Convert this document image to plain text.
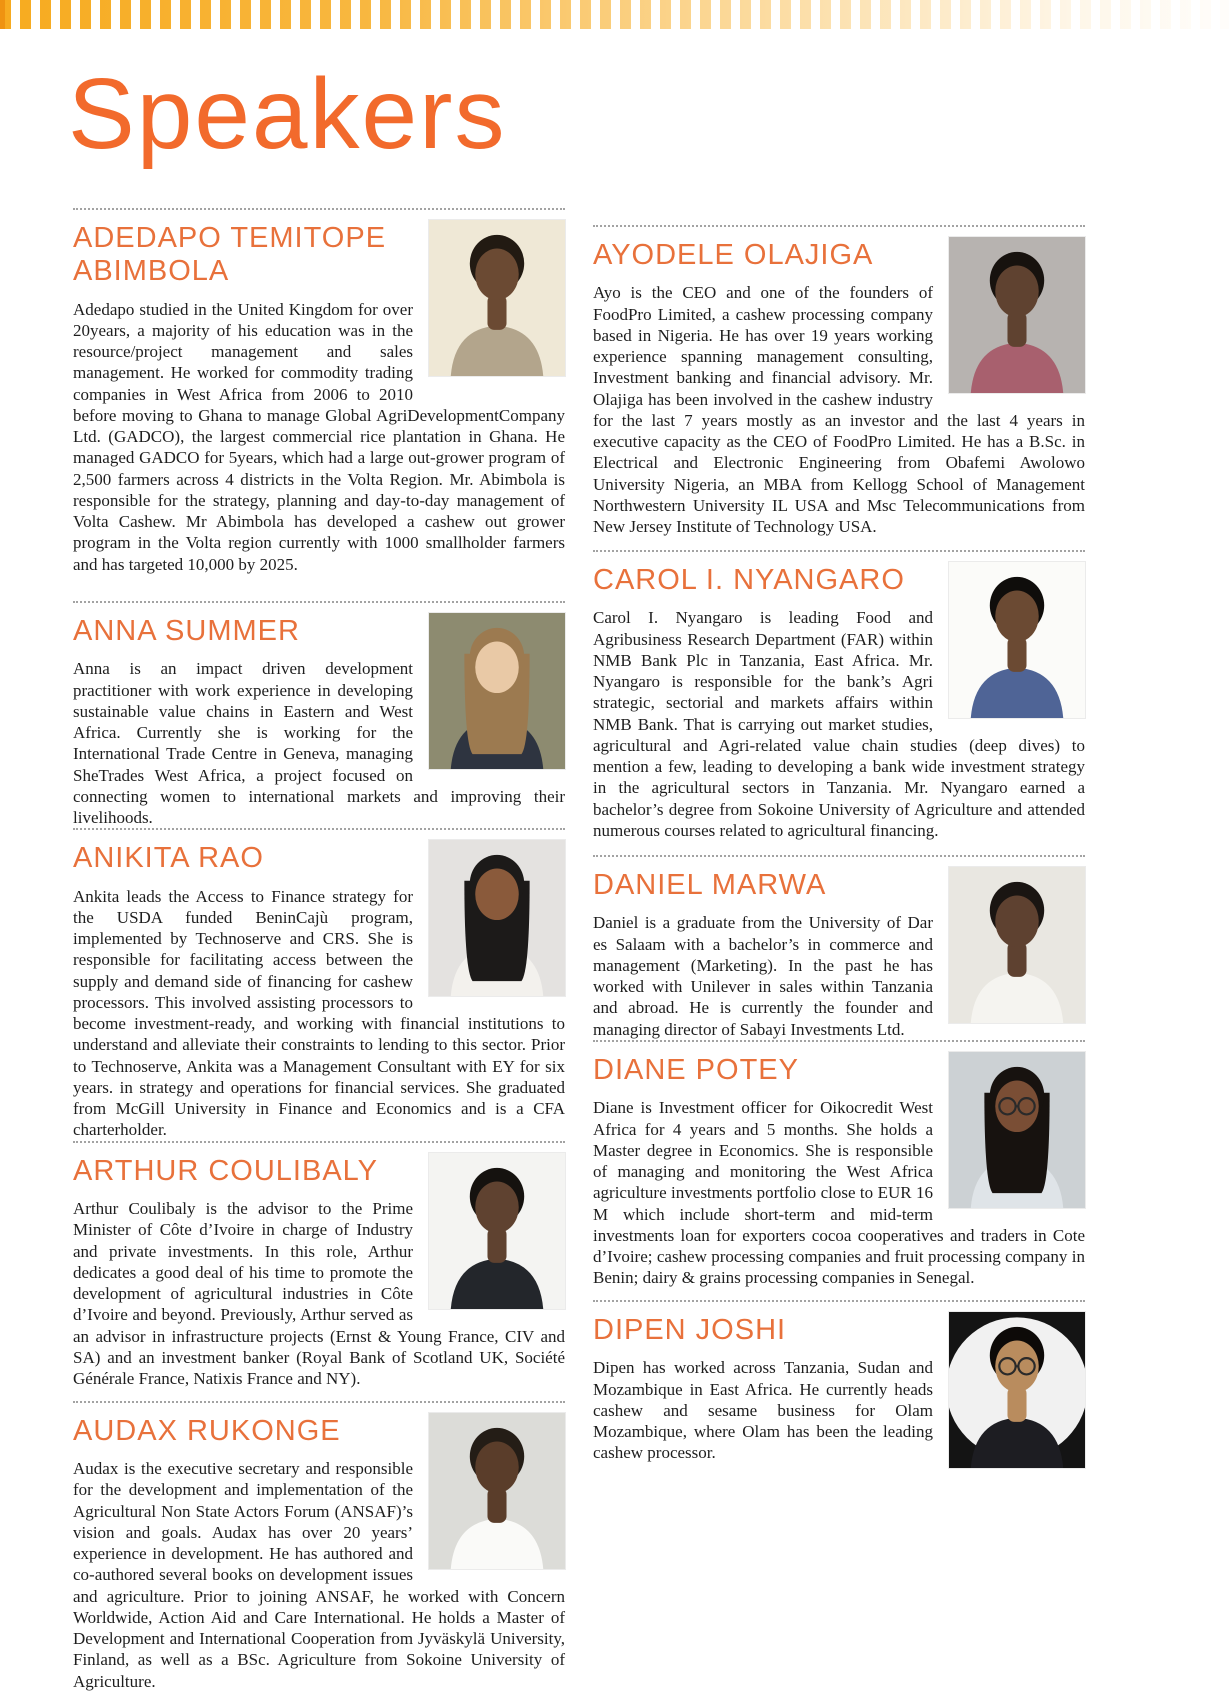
Speakers
ADEDAPO TEMITOPE ABIMBOLA

Adedapo studied in the United Kingdom for over 20years, a majority of his education was in the resource/project management and sales management. He worked for commodity trading companies in West Africa from 2006 to 2010 before moving to Ghana to manage Global AgriDevelopmentCompany Ltd. (GADCO), the largest commercial rice plantation in Ghana. He managed GADCO for 5years, which had a large out-grower program of 2,500 farmers across 4 districts in the Volta Region. Mr. Abimbola is responsible for the strategy, planning and day-to-day management of Volta Cashew. Mr Abimbola has developed a cashew out grower program in the Volta region currently with 1000 smallholder farmers and has targeted 10,000 by 2025.

ANNA SUMMER

Anna is an impact driven development practitioner with work experience in developing sustainable value chains in Eastern and West Africa. Currently she is working for the International Trade Centre in Geneva, managing SheTrades West Africa, a project focused on connecting women to international markets and improving their livelihoods.

ANIKITA RAO

Ankita leads the Access to Finance strategy for the USDA funded BeninCajù program, implemented by Technoserve and CRS. She is responsible for facilitating access between the supply and demand side of financing for cashew processors. This involved assisting processors to become investment-ready, and working with financial institutions to understand and alleviate their constraints to lending to this sector. Prior to Technoserve, Ankita was a Management Consultant with EY for six years. in strategy and operations for financial services. She graduated from McGill University in Finance and Economics and is a CFA charterholder.

ARTHUR COULIBALY

Arthur Coulibaly is the advisor to the Prime Minister of Côte d’Ivoire in charge of Industry and private investments. In this role, Arthur dedicates a good deal of his time to promote the development of agricultural industries in Côte d’Ivoire and beyond. Previously, Arthur served as an advisor in infrastructure projects (Ernst & Young France, CIV and SA) and an investment banker (Royal Bank of Scotland UK, Société Générale France, Natixis France and NY).

AUDAX RUKONGE

Audax is the executive secretary and responsible for the development and implementation of the Agricultural Non State Actors Forum (ANSAF)’s vision and goals. Audax has over 20 years’ experience in development. He has authored and co-authored several books on development issues and agriculture. Prior to joining ANSAF, he worked with Concern Worldwide, Action Aid and Care International. He holds a Master of Development and International Cooperation from Jyväskylä University, Finland, as well as a BSc. Agriculture from Sokoine University of Agriculture.

AYODELE OLAJIGA

Ayo is the CEO and one of the founders of FoodPro Limited, a cashew processing company based in Nigeria. He has over 19 years working experience spanning management consulting, Investment banking and financial advisory. Mr. Olajiga has been involved in the cashew industry for the last 7 years mostly as an investor and the last 4 years in executive capacity as the CEO of FoodPro Limited. He has a B.Sc. in Electrical and Electronic Engineering from Obafemi Awolowo University Nigeria, an MBA from Kellogg School of Management Northwestern University IL USA and Msc Telecommunications from New Jersey Institute of Technology USA.

CAROL I. NYANGARO

Carol I. Nyangaro is leading Food and Agribusiness Research Department (FAR) within NMB Bank Plc in Tanzania, East Africa. Mr. Nyangaro is responsible for the bank’s Agri strategic, sectorial and markets affairs within NMB Bank. That is carrying out market studies, agricultural and Agri-related value chain studies (deep dives) to mention a few, leading to developing a bank wide investment strategy in the agricultural sectors in Tanzania. Mr. Nyangaro earned a bachelor’s degree from Sokoine University of Agriculture and attended numerous courses related to agricultural financing.

DANIEL MARWA

Daniel is a graduate from the University of Dar es Salaam with a bachelor’s in commerce and management (Marketing). In the past he has worked with Unilever in sales within Tanzania and abroad. He is currently the founder and managing director of Sabayi Investments Ltd.

DIANE POTEY

Diane is Investment officer for Oikocredit West Africa for 4 years and 5 months. She holds a Master degree in Economics. She is responsible of managing and monitoring the West Africa agriculture investments portfolio close to EUR 16 M which include short-term and mid-term investments loan for exporters cocoa cooperatives and traders in Cote d’Ivoire; cashew processing companies and fruit processing company in Benin; dairy & grains processing companies in Senegal.

DIPEN JOSHI

Dipen has worked across Tanzania, Sudan and Mozambique in East Africa. He currently heads cashew and sesame business for Olam Mozambique, where Olam has been the leading cashew processor.
